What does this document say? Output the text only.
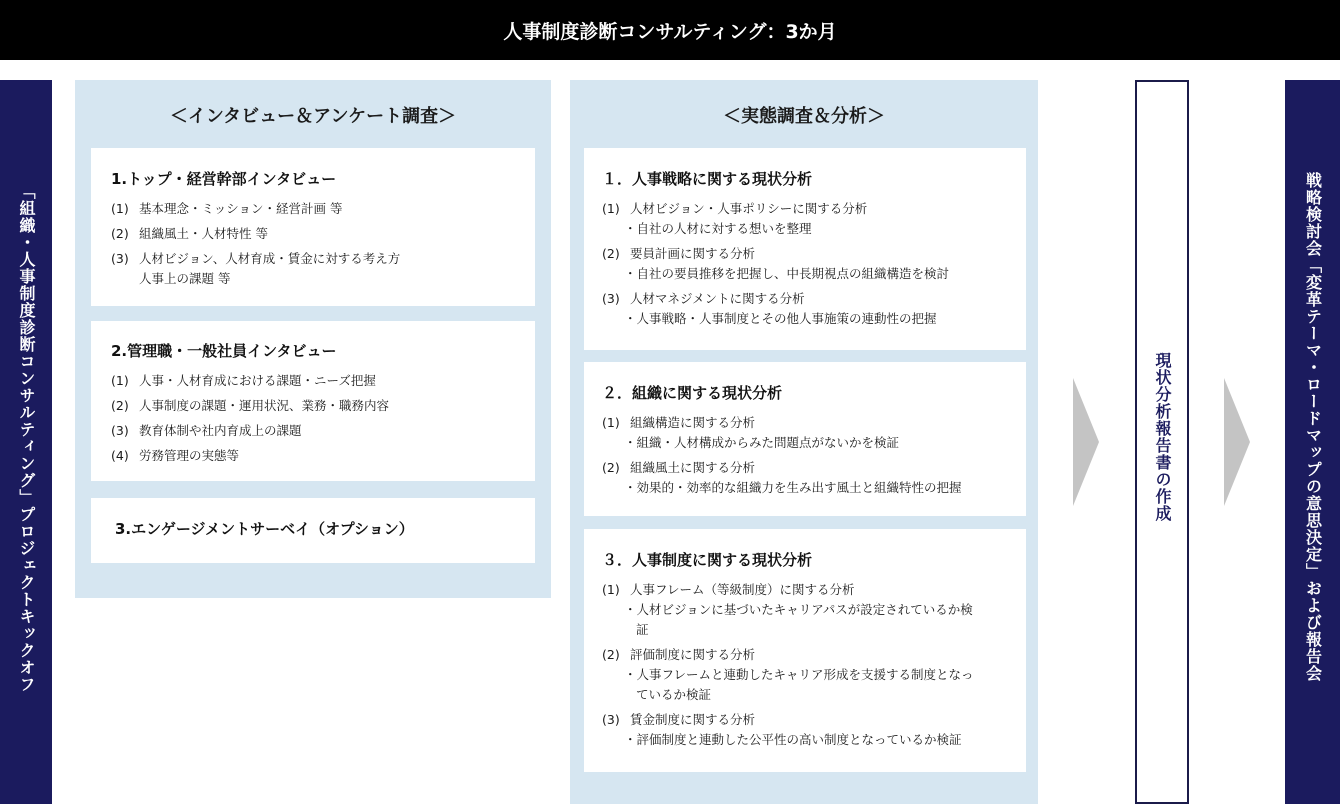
人事制度診断コンサルティング：3か月
「組織・人事制度診断コンサルティング」プロジェクトキックオフ
＜インタビュー＆アンケート調査＞
1.トップ・経営幹部インタビュー
(1) 基本理念・ミッション・経営計画 等
(2) 組織風土・人材特性 等
(3) 人材ビジョン、人材育成・賃金に対する考え方
人事上の課題 等
2.管理職・一般社員インタビュー
(1) 人事・人材育成における課題・ニーズ把握
(2) 人事制度の課題・運用状況、業務・職務内容
(3) 教育体制や社内育成上の課題
(4) 労務管理の実態等
3.エンゲージメントサーベイ（オプション）
＜実態調査＆分析＞
１．人事戦略に関する現状分析
(1) 人材ビジョン・人事ポリシーに関する分析
・自社の人材に対する想いを整理
(2) 要員計画に関する分析
・自社の要員推移を把握し、中長期視点の組織構造を検討
(3) 人材マネジメントに関する分析
・人事戦略・人事制度とその他人事施策の連動性の把握
２．組織に関する現状分析
(1) 組織構造に関する分析
・組織・人材構成からみた問題点がないかを検証
(2) 組織風土に関する分析
・効果的・効率的な組織力を生み出す風土と組織特性の把握
３．人事制度に関する現状分析
(1) 人事フレーム（等級制度）に関する分析
・人材ビジョンに基づいたキャリアパスが設定されているか検証
(2) 評価制度に関する分析
・人事フレームと連動したキャリア形成を支援する制度となっているか検証
(3) 賃金制度に関する分析
・評価制度と連動した公平性の高い制度となっているか検証
現状分析報告書の作成	戦略検討会「変革テーマ・ロードマップの意思決定」および報告会
